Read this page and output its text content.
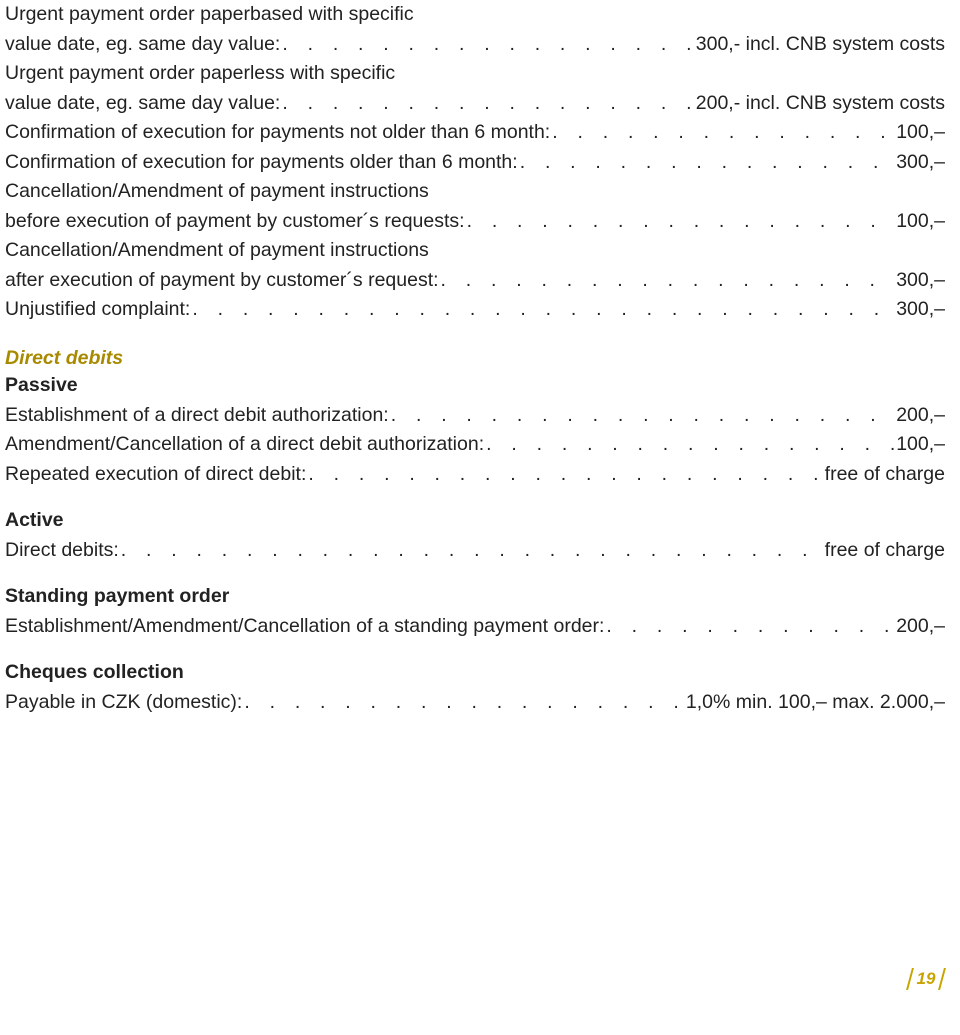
Urgent payment order paperbased with specific
value date, eg. same day value: . . .	300,- incl. CNB system costs
Urgent payment order paperless with specific
value date, eg. same day value: . . .	200,- incl. CNB system costs
Confirmation of execution for payments not older than 6 month: . . .	100,–
Confirmation of execution for payments older than 6 month: . . .	300,–
Cancellation/Amendment of payment instructions
before execution of payment by customer´s requests: . . .	100,–
Cancellation/Amendment of payment instructions
after execution of payment by customer´s request: . . .	300,–
Unjustified complaint: . . .	300,–
Direct debits
Passive
Establishment of a direct debit authorization: . . .	200,–
Amendment/Cancellation of a direct debit authorization: . . .	100,–
Repeated execution of direct debit: . . .	free of charge
Active
Direct debits: . . .	free of charge
Standing payment order
Establishment/Amendment/Cancellation of a standing payment order: . . .	200,–
Cheques collection
Payable in CZK (domestic): . . .	1,0% min. 100,– max. 2.000,–
19
